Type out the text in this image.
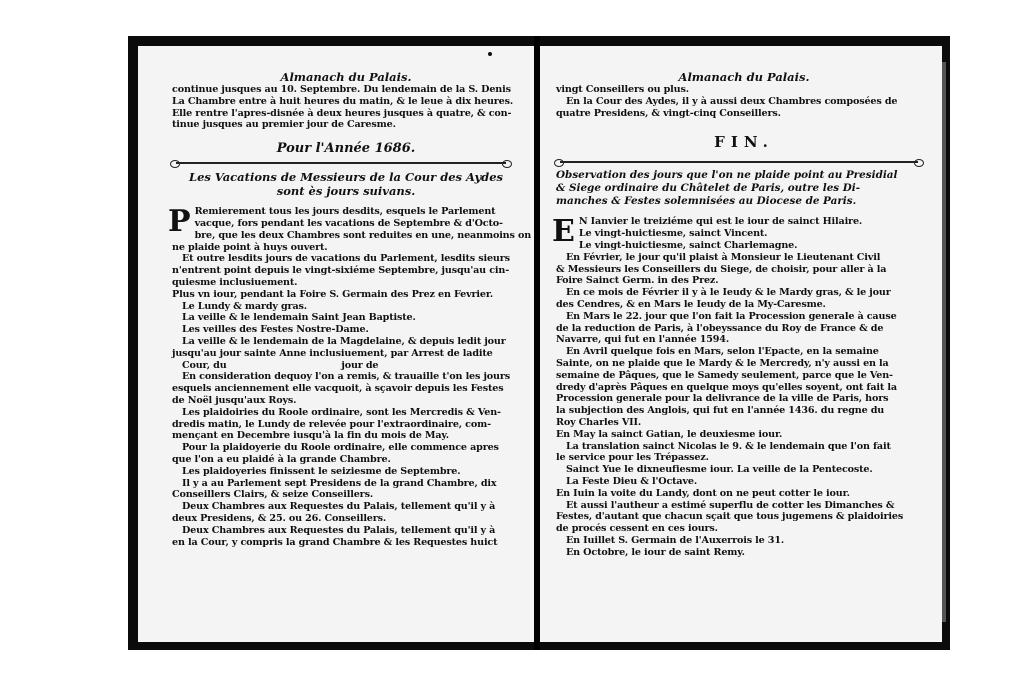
Almanach du Palais.
continue jusques au 10. Septembre. Du lendemain de la S. Denis
La Chambre entre à huit heures du matin, & le leue à dix heures.
Elle rentre l'apres-disnée à deux heures jusques à quatre, & con-
tinue jusques au premier jour de Caresme.
Pour l'Année 1686.
Les Vacations de Messieurs de la Cour des Aydes
sont ès jours suivans.
P Remierement tous les jours desdits, esquels le Parlement
vacque, fors pendant les vacations de Septembre & d'Octo-
bre, que les deux Chambres sont reduites en une, neanmoins on
ne plaide point à huys ouvert.
Et outre lesdits jours de vacations du Parlement, lesdits sieurs
n'entrent point depuis le vingt-sixiéme Septembre, jusqu'au cin-
quiesme inclusiuement.
Plus vn iour, pendant la Foire S. Germain des Prez en Fevrier.
Le Lundy & mardy gras.
La veille & le lendemain Saint Jean Baptiste.
Les veilles des Festes Nostre-Dame.
La veille & le lendemain de la Magdelaine, & depuis ledit jour
jusqu'au jour sainte Anne inclusiuement, par Arrest de ladite
Cour, du                                    jour de
En consideration dequoy l'on a remis, & trauaille t'on les jours
esquels anciennement elle vacquoit, à sçavoir depuis les Festes
de Noël jusqu'aux Roys.
Les plaidoiries du Roole ordinaire, sont les Mercredis & Ven-
dredis matin, le Lundy de relevée pour l'extraordinaire, com-
mençant en Decembre iusqu'à la fin du mois de May.
Pour la plaidoyerie du Roole ordinaire, elle commence apres
que l'on a eu plaidé à la grande Chambre.
Les plaidoyeries finissent le seiziesme de Septembre.
Il y a au Parlement sept Presidens de la grand Chambre, dix
Conseillers Clairs, & seize Conseillers.
Deux Chambres aux Requestes du Palais, tellement qu'il y à
deux Presidens, & 25. ou 26. Conseillers.
Deux Chambres aux Requestes du Palais, tellement qu'il y à
en la Cour, y compris la grand Chambre & les Requestes huict
Almanach du Palais.
vingt Conseillers ou plus.
En la Cour des Aydes, il y à aussi deux Chambres composées de
quatre Presidens, & vingt-cinq Conseillers.
FIN.
Observation des jours que l'on ne plaide point au Presidial
& Siege ordinaire du Châtelet de Paris, outre les Di-
manches & Festes solemnisées au Diocese de Paris.
E N Ianvier le treiziéme qui est le iour de sainct Hilaire.
Le vingt-huictiesme, sainct Vincent.
Le vingt-huictiesme, sainct Charlemagne.
En Février, le jour qu'il plaist à Monsieur le Lieutenant Civil
& Messieurs les Conseillers du Siege, de choisir, pour aller à la
Foire Sainct Germ. in des Prez.
En ce mois de Février il y à le Ieudy & le Mardy gras, & le jour
des Cendres, & en Mars le Ieudy de la My-Caresme.
En Mars le 22. jour que l'on fait la Procession generale à cause
de la reduction de Paris, à l'obeyssance du Roy de France & de
Navarre, qui fut en l'année 1594.
En Avril quelque fois en Mars, selon l'Epacte, en la semaine
Sainte, on ne plaide que le Mardy & le Mercredy, n'y aussi en la
semaine de Pâques, que le Samedy seulement, parce que le Ven-
dredy d'après Pâques en quelque moys qu'elles soyent, ont fait la
Procession generale pour la delivrance de la ville de Paris, hors
la subjection des Anglois, qui fut en l'année 1436. du regne du
Roy Charles VII.
En May la sainct Gatian, le deuxiesme iour.
La translation sainct Nicolas le 9. & le lendemain que l'on fait
le service pour les Trépassez.
Sainct Yue le dixneufiesme iour. La veille de la Pentecoste.
La Feste Dieu & l'Octave.
En Iuin la voite du Landy, dont on ne peut cotter le iour.
Et aussi l'autheur a estimé superflu de cotter les Dimanches &
Festes, d'autant que chacun sçait que tous jugemens & plaidoiries
de procés cessent en ces iours.
En Iuillet S. Germain de l'Auxerrois le 31.
En Octobre, le iour de saint Remy.
